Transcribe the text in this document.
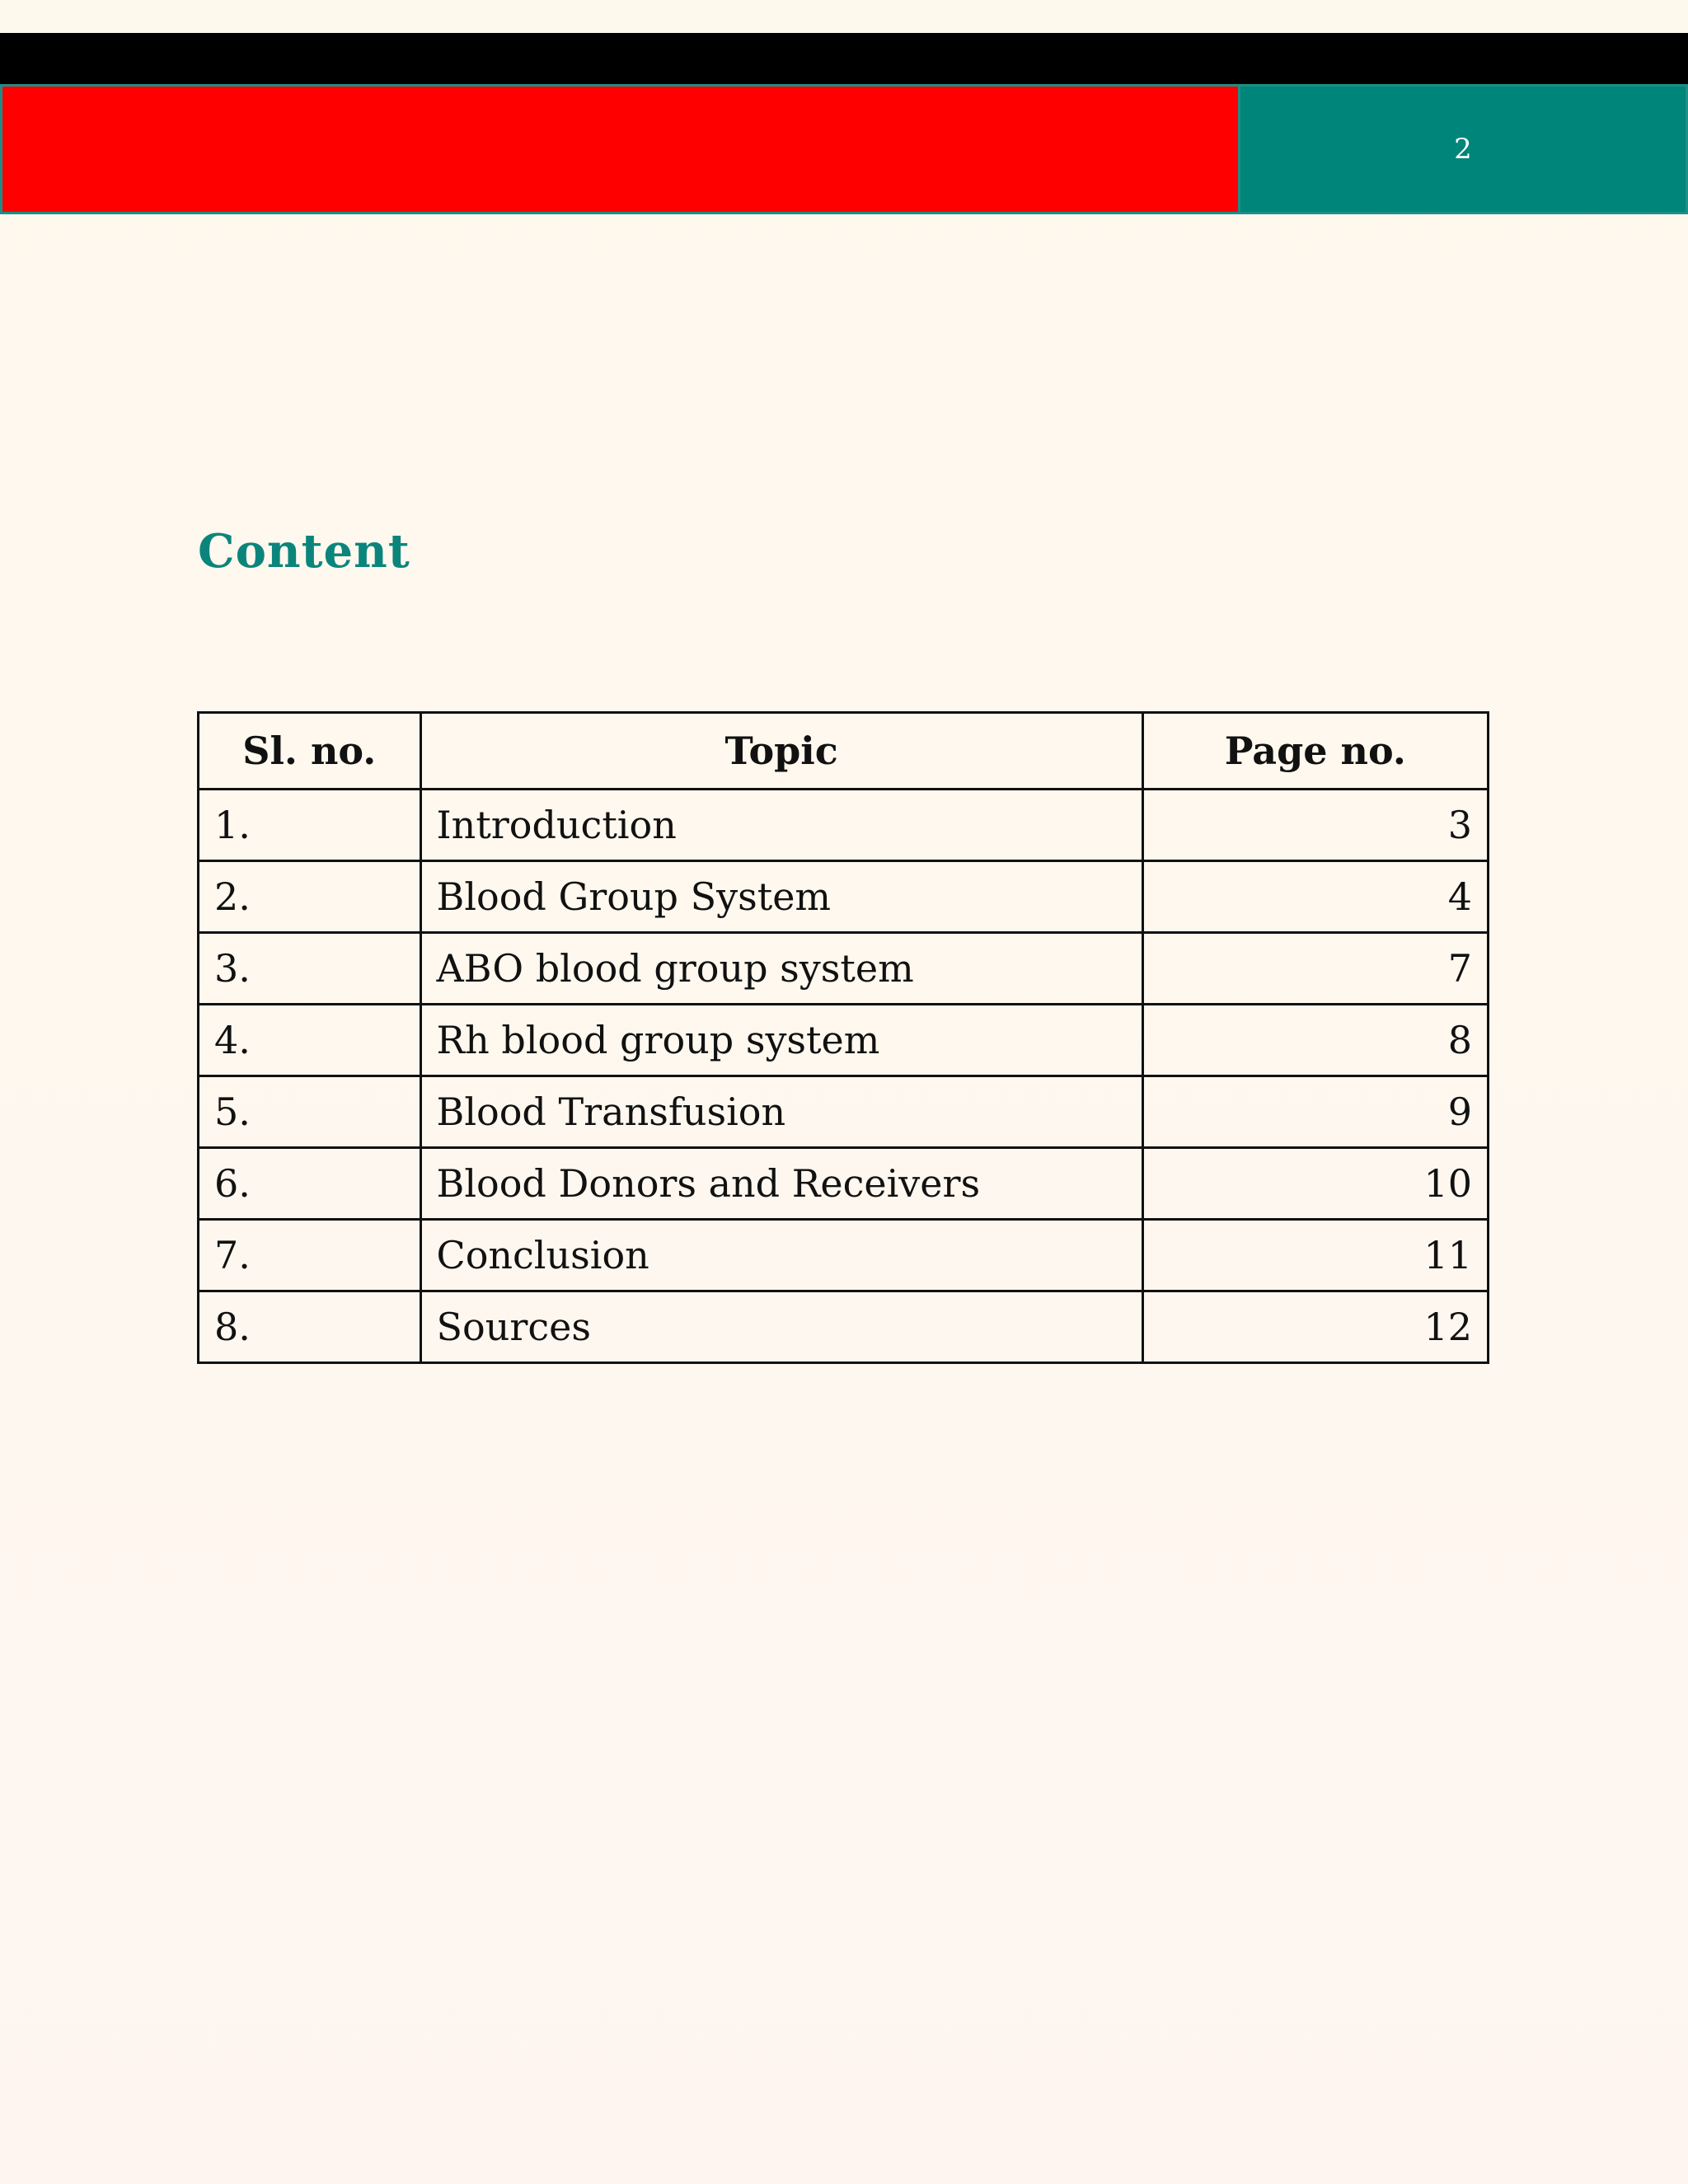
2
Content
Sl. no.	Topic	Page no.
1.	Introduction	3
2.	Blood Group System	4
3.	ABO blood group system	7
4.	Rh blood group system	8
5.	Blood Transfusion	9
6.	Blood Donors and Receivers	10
7.	Conclusion	11
8.	Sources	12
